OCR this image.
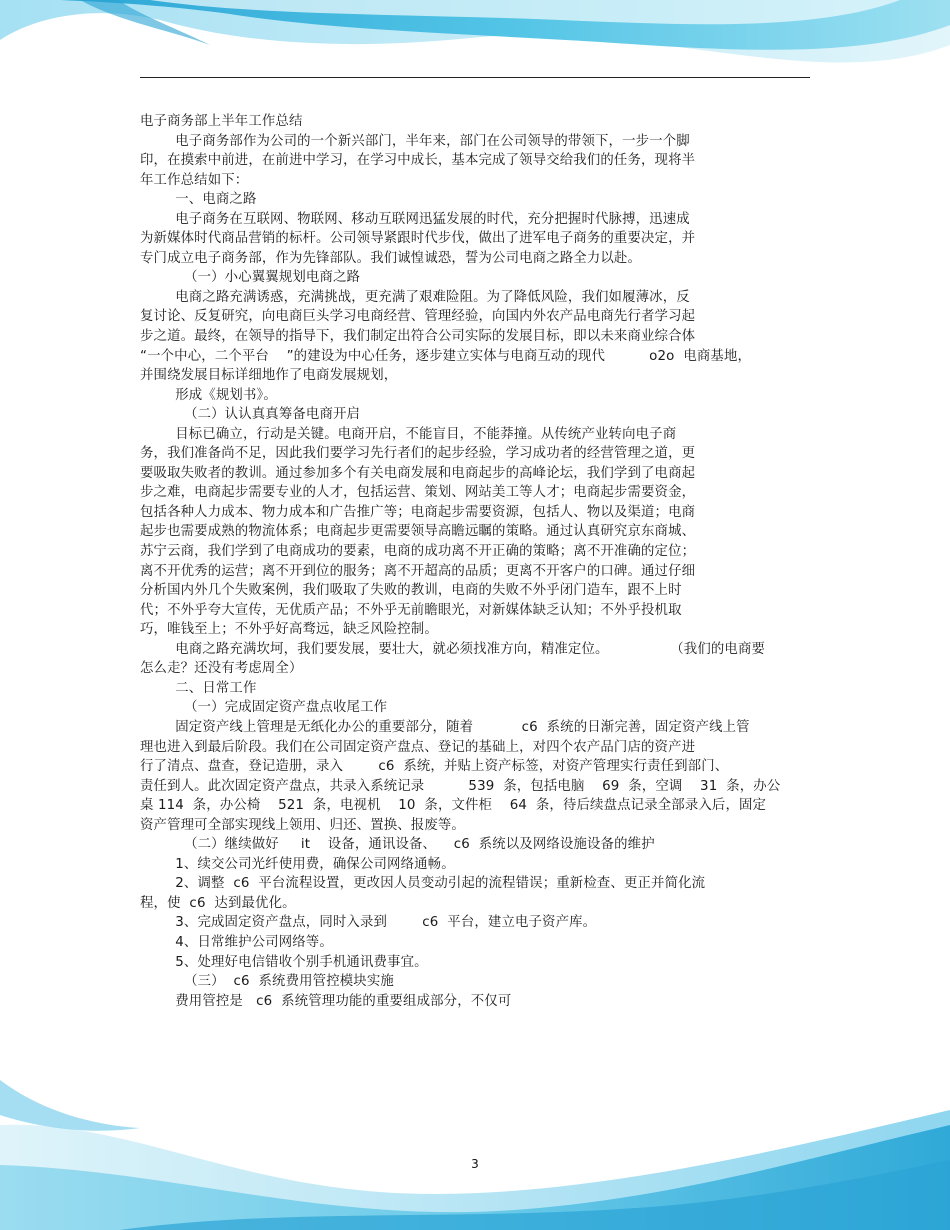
电子商务部上半年工作总结
电子商务部作为公司的一个新兴部门，半年来，部门在公司领导的带领下，一步一个脚
印，在摸索中前进，在前进中学习，在学习中成长，基本完成了领导交给我们的任务，现将半
年工作总结如下：
一、电商之路
电子商务在互联网、物联网、移动互联网迅猛发展的时代，充分把握时代脉搏，迅速成
为新媒体时代商品营销的标杆。公司领导紧跟时代步伐，做出了进军电子商务的重要决定，并
专门成立电子商务部，作为先锋部队。我们诚惶诚恐，誓为公司电商之路全力以赴。
（一）小心翼翼规划电商之路
电商之路充满诱惑，充满挑战，更充满了艰难险阻。为了降低风险，我们如履薄冰，反
复讨论、反复研究，向电商巨头学习电商经营、管理经验，向国内外农产品电商先行者学习起
步之道。最终，在领导的指导下，我们制定出符合公司实际的发展目标，即以未来商业综合体
“一个中心，二个平台    ”的建设为中心任务，逐步建立实体与电商互动的现代          o2o  电商基地，
并围绕发展目标详细地作了电商发展规划，
形成《规划书》。
（二）认认真真筹备电商开启
目标已确立，行动是关键。电商开启，不能盲目，不能莽撞。从传统产业转向电子商
务，我们准备尚不足，因此我们要学习先行者们的起步经验，学习成功者的经营管理之道，更
要吸取失败者的教训。通过参加多个有关电商发展和电商起步的高峰论坛，我们学到了电商起
步之难，电商起步需要专业的人才，包括运营、策划、网站美工等人才；电商起步需要资金，
包括各种人力成本、物力成本和广告推广等；电商起步需要资源，包括人、物以及渠道；电商
起步也需要成熟的物流体系；电商起步更需要领导高瞻远瞩的策略。通过认真研究京东商城、
苏宁云商，我们学到了电商成功的要素，电商的成功离不开正确的策略；离不开准确的定位；
离不开优秀的运营；离不开到位的服务；离不开超高的品质；更离不开客户的口碑。通过仔细
分析国内外几个失败案例，我们吸取了失败的教训，电商的失败不外乎闭门造车，跟不上时
代；不外乎夸大宣传，无优质产品；不外乎无前瞻眼光，对新媒体缺乏认知；不外乎投机取
巧，唯钱至上；不外乎好高骛远，缺乏风险控制。
电商之路充满坎坷，我们要发展，要壮大，就必须找准方向，精准定位。              （我们的电商要
怎么走？还没有考虑周全）
二、日常工作
（一）完成固定资产盘点收尾工作
固定资产线上管理是无纸化办公的重要部分，随着           c6  系统的日渐完善，固定资产线上管
理也进入到最后阶段。我们在公司固定资产盘点、登记的基础上，对四个农产品门店的资产进
行了清点、盘查，登记造册，录入        c6  系统，并贴上资产标签，对资产管理实行责任到部门、
责任到人。此次固定资产盘点，共录入系统记录          539  条，包括电脑    69  条，空调    31  条，办公
桌 114  条，办公椅    521  条，电视机    10  条，文件柜    64  条，待后续盘点记录全部录入后，固定
资产管理可全部实现线上领用、归还、置换、报废等。
（二）继续做好     it    设备，通讯设备、    c6  系统以及网络设施设备的维护
1、续交公司光纤使用费，确保公司网络通畅。
2、调整  c6  平台流程设置，更改因人员变动引起的流程错误；重新检查、更正并简化流
程，使  c6  达到最优化。
3、完成固定资产盘点，同时入录到        c6  平台，建立电子资产库。
4、日常维护公司网络等。
5、处理好电信错收个别手机通讯费事宜。
（三）  c6  系统费用管控模块实施
费用管控是   c6  系统管理功能的重要组成部分，不仅可
3
